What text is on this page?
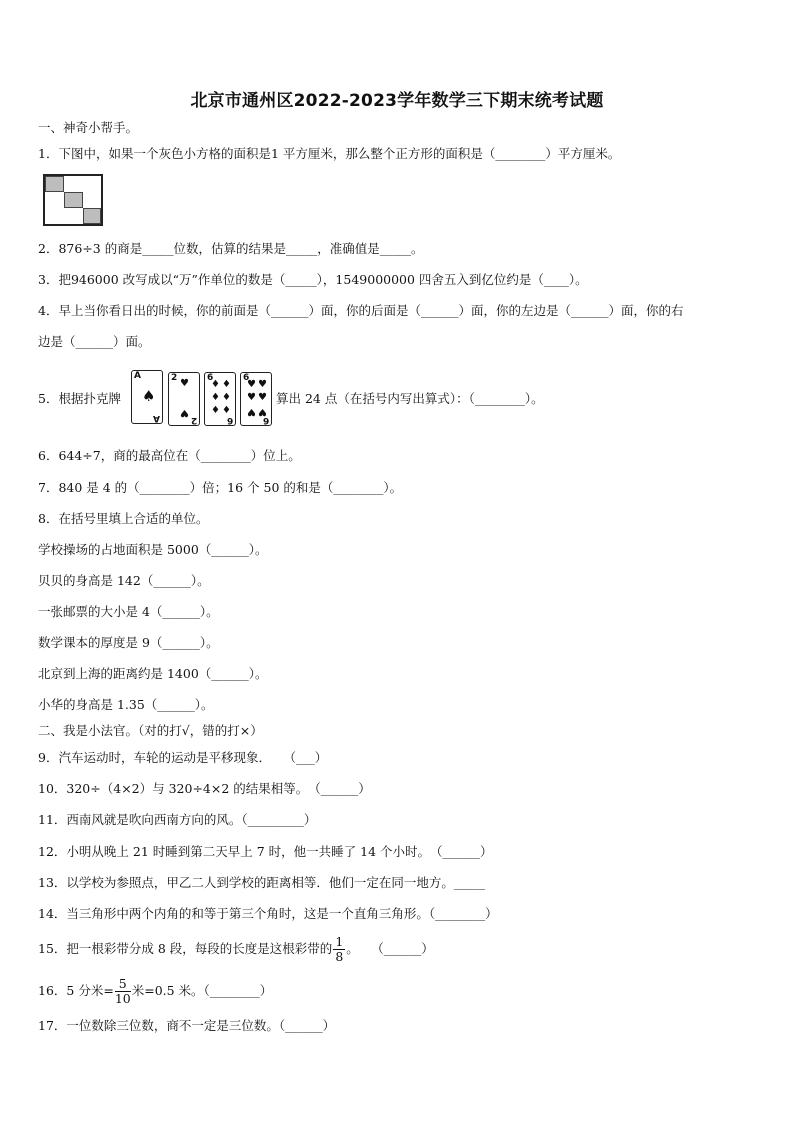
北京市通州区2022-2023学年数学三下期末统考试题
一、神奇小帮手。
1．下图中，如果一个灰色小方格的面积是1 平方厘米，那么整个正方形的面积是（________）平方厘米。
2．876÷3 的商是_____位数，估算的结果是_____，准确值是_____。
3．把946000 改写成以“万”作单位的数是（_____），1549000000 四舍五入到亿位约是（____）。
4．早上当你看日出的时候，你的前面是（______）面，你的后面是（______）面，你的左边是（______）面，你的右
边是（______）面。
5．根据扑克牌
A
♠
A
2 ♥
♥
2
6
♦ ♦
♦ ♦
♦ ♦
6
6
♥ ♥
♥ ♥
♥ ♥
6
算出 24 点（在括号内写出算式）：（________）。
6．644÷7，商的最高位在（________）位上。
7．840 是 4 的（________）倍；16 个 50 的和是（________）。
8．在括号里填上合适的单位。
学校操场的占地面积是 5000（______）。
贝贝的身高是 142（______）。
一张邮票的大小是 4（______）。
数学课本的厚度是 9（______）。
北京到上海的距离约是 1400（______）。
小华的身高是 1.35（______）。
二、我是小法官。（对的打√，错的打×）
9．汽车运动时，车轮的运动是平移现象．　　（___）
10．320÷（4×2）与 320÷4×2 的结果相等。　（______）
11．西南风就是吹向西南方向的风。（_________）
12．小明从晚上 21 时睡到第二天早上 7 时，他一共睡了 14 个小时。　（______）
13．以学校为参照点，甲乙二人到学校的距离相等．他们一定在同一地方。_____
14．当三角形中两个内角的和等于第三个角时，这是一个直角三角形。（________）
15．把一根彩带分成 8 段，每段的长度是这根彩带的 $\frac{1}{8}$ 。　　（______）
16．5 分米= $\frac{5}{10}$ 米=0.5 米。（________）
17．一位数除三位数，商不一定是三位数。（______）
